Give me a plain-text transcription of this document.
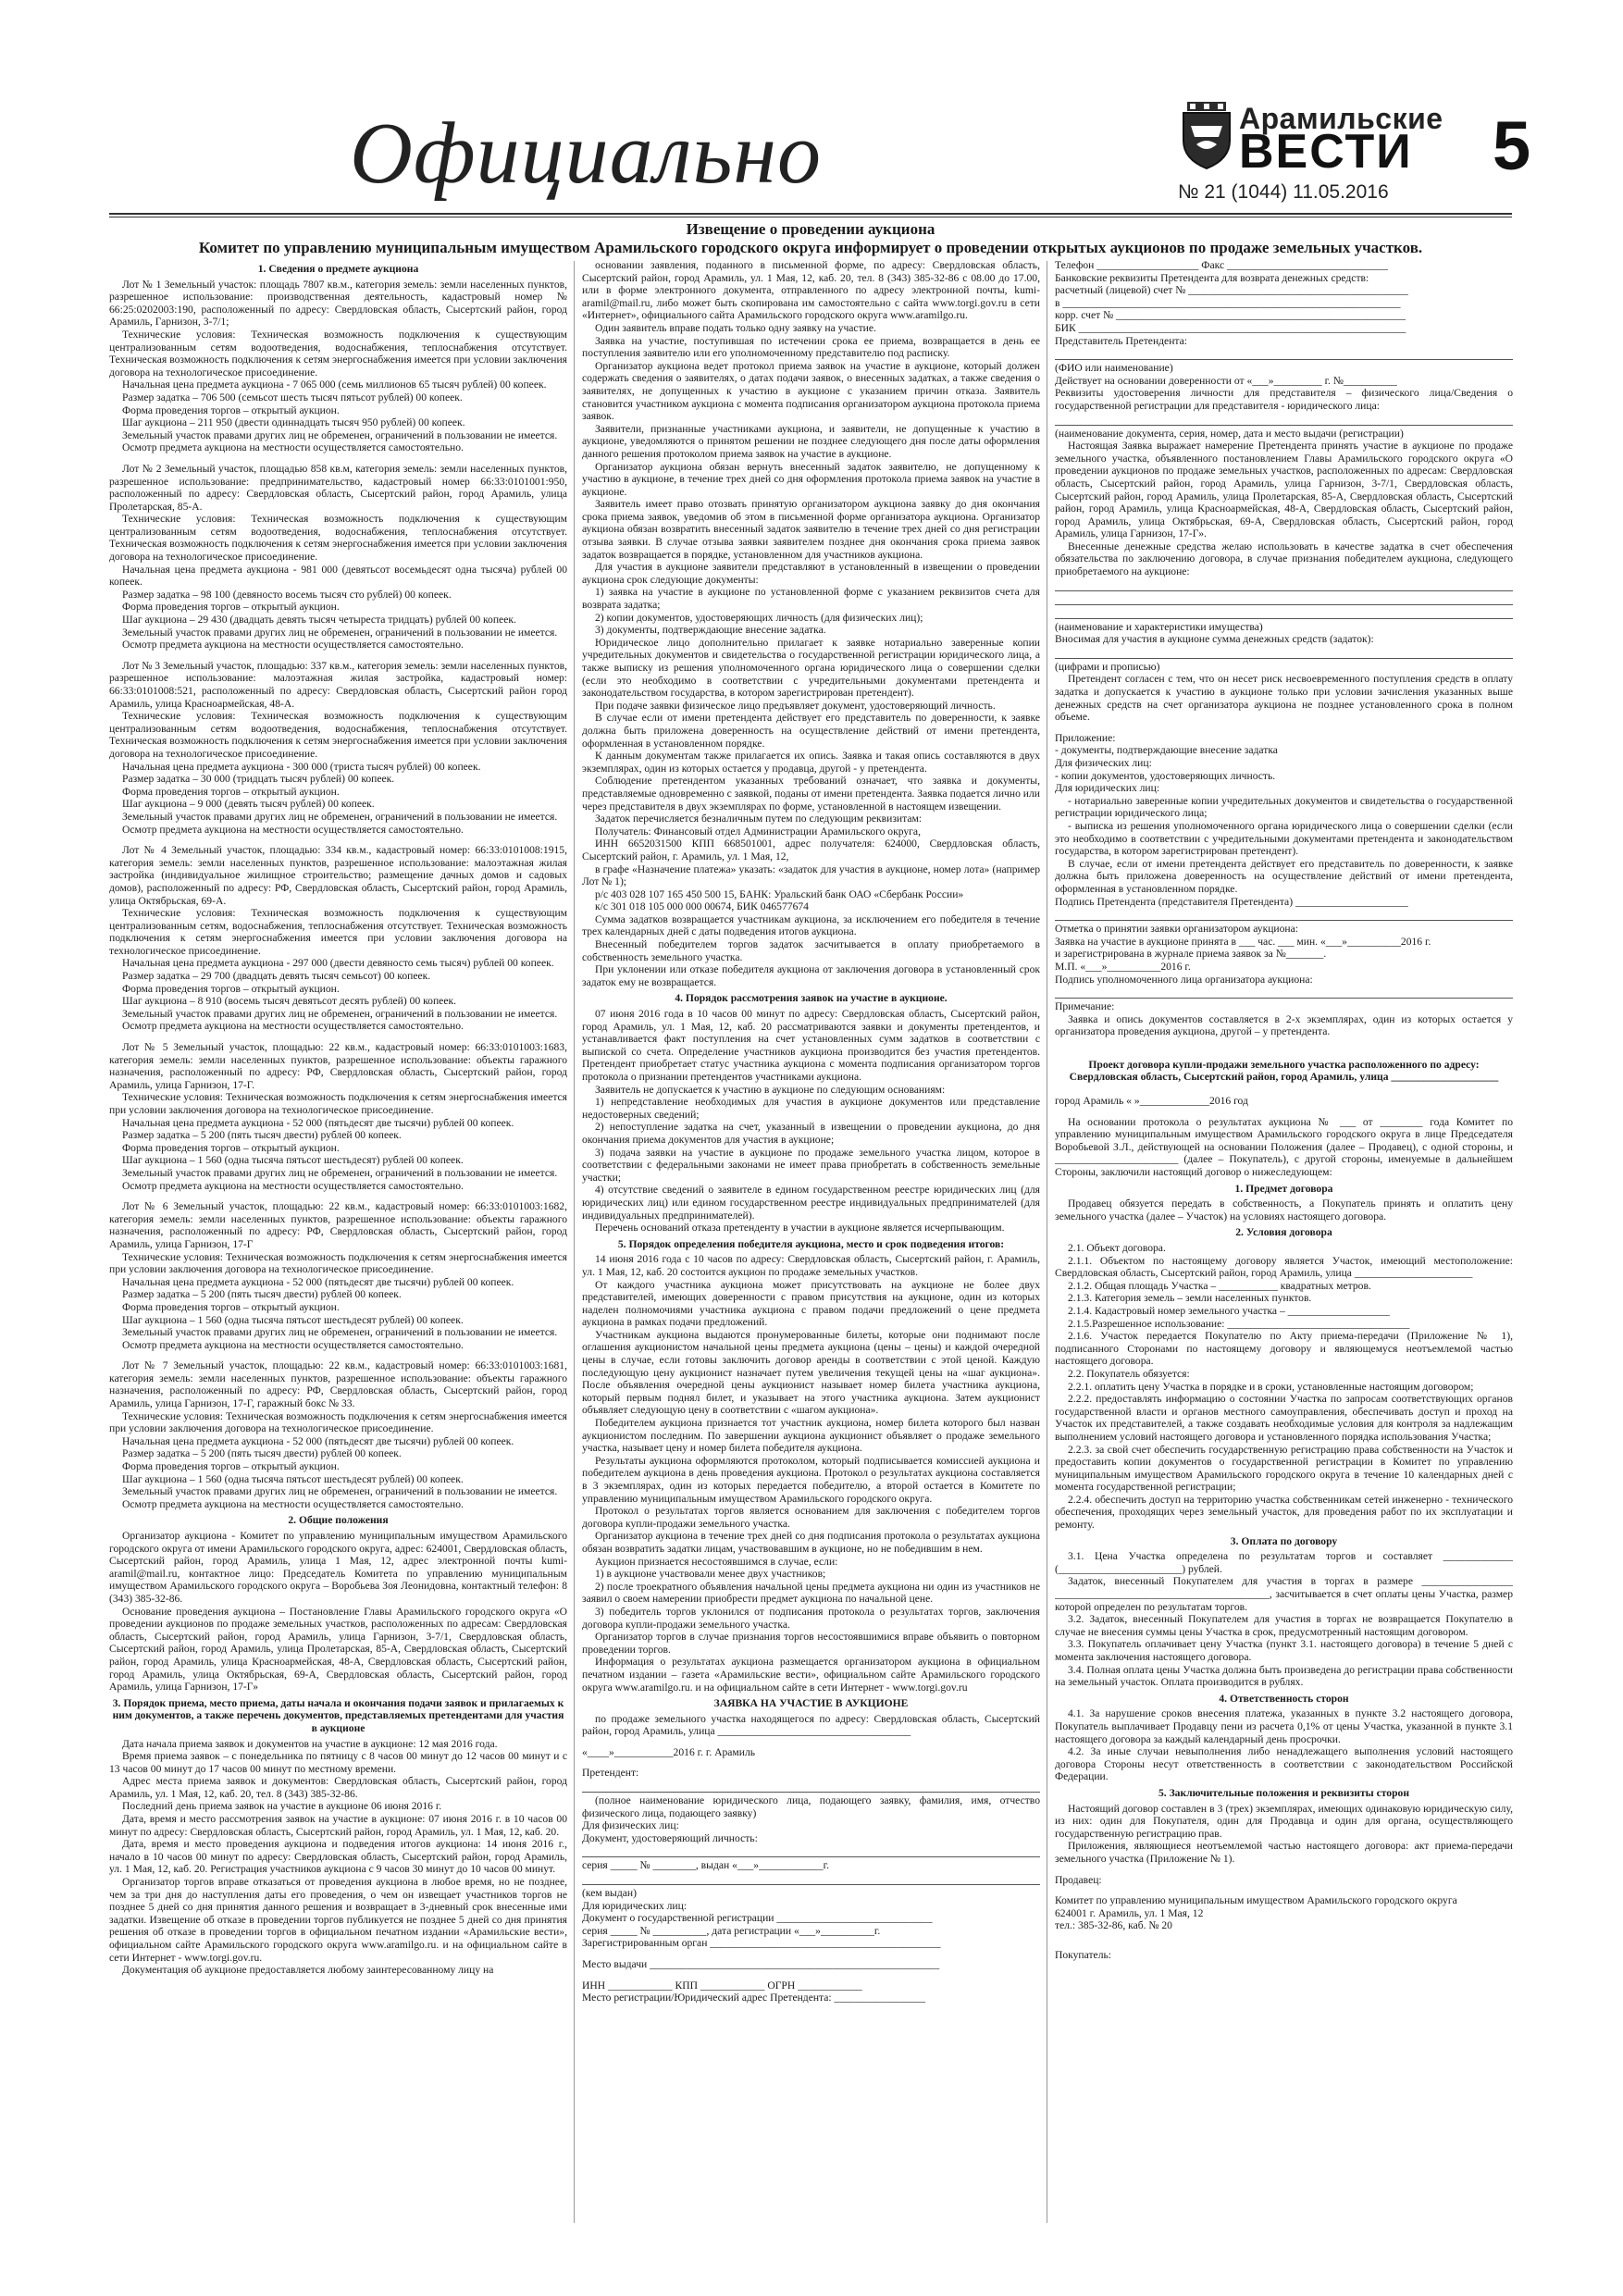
Официально	Арамильские
ВЕСТИ 5
№ 21 (1044) 11.05.2016
Извещение о проведении аукциона
Комитет по управлению муниципальным имуществом Арамильского городского округа информирует о проведении открытых аукционов по продаже земельных участков.
1. Сведения о предмете аукциона
Лот № 1 Земельный участок: площадь 7807 кв.м., категория земель: земли населенных пунктов, разрешенное использование: производственная деятельность, кадастровый номер № 66:25:0202003:190, расположенный по адресу: Свердловская область, Сысертский район, город Арамиль, Гарнизон, 3-7/1;
Технические условия: Техническая возможность подключения к существующим централизованным сетям водоотведения, водоснабжения, теплоснабжения отсутствует. Техническая возможность подключения к сетям энергоснабжения имеется при условии заключения договора на технологическое присоединение.
Начальная цена предмета аукциона - 7 065 000 (семь миллионов 65 тысяч рублей) 00 копеек.
Размер задатка – 706 500 (семьсот шесть тысяч пятьсот рублей) 00 копеек.
Форма проведения торгов – открытый аукцион.
Шаг аукциона – 211 950 (двести одиннадцать тысяч 950 рублей) 00 копеек.
Земельный участок правами других лиц не обременен, ограничений в пользовании не имеется.
Осмотр предмета аукциона на местности осуществляется самостоятельно.
Лот № 2 Земельный участок, площадью 858 кв.м, категория земель: земли населенных пунктов, разрешенное использование: предпринимательство, кадастровый номер 66:33:0101001:950, расположенный по адресу: Свердловская область, Сысертский район, город Арамиль, улица Пролетарская, 85-А.
Технические условия: Техническая возможность подключения к существующим централизованным сетям водоотведения, водоснабжения, теплоснабжения отсутствует. Техническая возможность подключения к сетям энергоснабжения имеется при условии заключения договора на технологическое присоединение.
Начальная цена предмета аукциона - 981 000 (девятьсот восемьдесят одна тысяча) рублей 00 копеек.
Размер задатка – 98 100 (девяносто восемь тысяч сто рублей) 00 копеек.
Форма проведения торгов – открытый аукцион.
Шаг аукциона – 29 430 (двадцать девять тысяч четыреста тридцать) рублей 00 копеек.
Земельный участок правами других лиц не обременен, ограничений в пользовании не имеется.
Осмотр предмета аукциона на местности осуществляется самостоятельно.
Лот № 3 Земельный участок, площадью: 337 кв.м., категория земель: земли населенных пунктов, разрешенное использование: малоэтажная жилая застройка, кадастровый номер: 66:33:0101008:521, расположенный по адресу: Свердловская область, Сысертский район город Арамиль, улица Красноармейская, 48-А.
Технические условия: Техническая возможность подключения к существующим централизованным сетям водоотведения, водоснабжения, теплоснабжения отсутствует. Техническая возможность подключения к сетям энергоснабжения имеется при условии заключения договора на технологическое присоединение.
Начальная цена предмета аукциона - 300 000 (триста тысяч рублей) 00 копеек.
Размер задатка – 30 000 (тридцать тысяч рублей) 00 копеек.
Форма проведения торгов – открытый аукцион.
Шаг аукциона – 9 000 (девять тысяч рублей) 00 копеек.
Земельный участок правами других лиц не обременен, ограничений в пользовании не имеется.
Осмотр предмета аукциона на местности осуществляется самостоятельно.
Лот № 4 Земельный участок, площадью: 334 кв.м., кадастровый номер: 66:33:0101008:1915, категория земель: земли населенных пунктов, разрешенное использование: малоэтажная жилая застройка (индивидуальное жилищное строительство; размещение дачных домов и садовых домов), расположенный по адресу: РФ, Свердловская область, Сысертский район, город Арамиль, улица Октябрьская, 69-А.
Технические условия: Техническая возможность подключения к существующим централизованным сетям, водоснабжения, теплоснабжения отсутствует. Техническая возможность подключения к сетям энергоснабжения имеется при условии заключения договора на технологическое присоединение.
Начальная цена предмета аукциона - 297 000 (двести девяносто семь тысяч) рублей 00 копеек.
Размер задатка – 29 700 (двадцать девять тысяч семьсот) 00 копеек.
Форма проведения торгов – открытый аукцион.
Шаг аукциона – 8 910 (восемь тысяч девятьсот десять рублей) 00 копеек.
Земельный участок правами других лиц не обременен, ограничений в пользовании не имеется.
Осмотр предмета аукциона на местности осуществляется самостоятельно.
Лот № 5 Земельный участок, площадью: 22 кв.м., кадастровый номер: 66:33:0101003:1683, категория земель: земли населенных пунктов, разрешенное использование: объекты гаражного назначения, расположенный по адресу: РФ, Свердловская область, Сысертский район, город Арамиль, улица Гарнизон, 17-Г.
Технические условия: Техническая возможность подключения к сетям энергоснабжения имеется при условии заключения договора на технологическое присоединение.
Начальная цена предмета аукциона - 52 000 (пятьдесят две тысячи) рублей 00 копеек.
Размер задатка – 5 200 (пять тысяч двести) рублей 00 копеек.
Форма проведения торгов – открытый аукцион.
Шаг аукциона – 1 560 (одна тысяча пятьсот шестьдесят) рублей 00 копеек.
Земельный участок правами других лиц не обременен, ограничений в пользовании не имеется.
Осмотр предмета аукциона на местности осуществляется самостоятельно.
Лот № 6 Земельный участок, площадью: 22 кв.м., кадастровый номер: 66:33:0101003:1682, категория земель: земли населенных пунктов, разрешенное использование: объекты гаражного назначения, расположенный по адресу: РФ, Свердловская область, Сысертский район, город Арамиль, улица Гарнизон, 17-Г
Технические условия: Техническая возможность подключения к сетям энергоснабжения имеется при условии заключения договора на технологическое присоединение.
Начальная цена предмета аукциона - 52 000 (пятьдесят две тысячи) рублей 00 копеек.
Размер задатка – 5 200 (пять тысяч двести) рублей 00 копеек.
Форма проведения торгов – открытый аукцион.
Шаг аукциона – 1 560 (одна тысяча пятьсот шестьдесят рублей) 00 копеек.
Земельный участок правами других лиц не обременен, ограничений в пользовании не имеется.
Осмотр предмета аукциона на местности осуществляется самостоятельно.
Лот № 7 Земельный участок, площадью: 22 кв.м., кадастровый номер: 66:33:0101003:1681, категория земель: земли населенных пунктов, разрешенное использование: объекты гаражного назначения, расположенный по адресу: РФ, Свердловская область, Сысертский район, город Арамиль, улица Гарнизон, 17-Г, гаражный бокс № 33.
Технические условия: Техническая возможность подключения к сетям энергоснабжения имеется при условии заключения договора на технологическое присоединение.
Начальная цена предмета аукциона - 52 000 (пятьдесят две тысячи) рублей 00 копеек.
Размер задатка – 5 200 (пять тысяч двести) рублей 00 копеек.
Форма проведения торгов – открытый аукцион.
Шаг аукциона – 1 560 (одна тысяча пятьсот шестьдесят рублей) 00 копеек.
Земельный участок правами других лиц не обременен, ограничений в пользовании не имеется.
Осмотр предмета аукциона на местности осуществляется самостоятельно.
2. Общие положения
Организатор аукциона - Комитет по управлению муниципальным имуществом Арамильского городского округа от имени Арамильского городского округа, адрес: 624001, Свердловская область, Сысертский район, город Арамиль, улица 1 Мая, 12, адрес электронной почты kumi-aramil@mail.ru, контактное лицо: Председатель Комитета по управлению муниципальным имуществом Арамильского городского округа – Воробьева Зоя Леонидовна, контактный телефон: 8 (343) 385-32-86.
Основание проведения аукциона – Постановление Главы Арамильского городского округа «О проведении аукционов по продаже земельных участков, расположенных по адресам: Свердловская область, Сысертский район, город Арамиль, улица Гарнизон, 3-7/1, Свердловская область, Сысертский район, город Арамиль, улица Пролетарская, 85-А, Свердловская область, Сысертский район, город Арамиль, улица Красноармейская, 48-А, Свердловская область, Сысертский район, город Арамиль, улица Октябрьская, 69-А, Свердловская область, Сысертский район, город Арамиль, улица Гарнизон, 17-Г»
3. Порядок приема, место приема, даты начала и окончания подачи заявок и прилагаемых к ним документов, а также перечень документов, представляемых претендентами для участия в аукционе
Дата начала приема заявок и документов на участие в аукционе: 12 мая 2016 года.
Время приема заявок – с понедельника по пятницу с 8 часов 00 минут до 12 часов 00 минут и с 13 часов 00 минут до 17 часов 00 минут по местному времени.
Адрес места приема заявок и документов: Свердловская область, Сысертский район, город Арамиль, ул. 1 Мая, 12, каб. 20, тел. 8 (343) 385-32-86.
Последний день приема заявок на участие в аукционе 06 июня 2016 г.
Дата, время и место рассмотрения заявок на участие в аукционе: 07 июня 2016 г. в 10 часов 00 минут по адресу: Свердловская область, Сысертский район, город Арамиль, ул. 1 Мая, 12, каб. 20.
Дата, время и место проведения аукциона и подведения итогов аукциона: 14 июня 2016 г., начало в 10 часов 00 минут по адресу: Свердловская область, Сысертский район, город Арамиль, ул. 1 Мая, 12, каб. 20. Регистрация участников аукциона с 9 часов 30 минут до 10 часов 00 минут.
Организатор торгов вправе отказаться от проведения аукциона в любое время, но не позднее, чем за три дня до наступления даты его проведения, о чем он извещает участников торгов не позднее 5 дней со дня принятия данного решения и возвращает в 3-дневный срок внесенные ими задатки. Извещение об отказе в проведении торгов публикуется не позднее 5 дней со дня принятия решения об отказе в проведении торгов в официальном печатном издании «Арамильские вести», официальном сайте Арамильского городского округа www.aramilgo.ru. и на официальном сайте в сети Интернет - www.torgi.gov.ru.
Документация об аукционе предоставляется любому заинтересованному лицу на
основании заявления, поданного в письменной форме, по адресу: Свердловская область, Сысертский район, город Арамиль, ул. 1 Мая, 12, каб. 20, тел. 8 (343) 385-32-86 с 08.00 до 17.00, или в форме электронного документа, отправленного по адресу электронной почты, kumi-aramil@mail.ru, либо может быть скопирована им самостоятельно с сайта www.torgi.gov.ru в сети «Интернет», официального сайта Арамильского городского округа www.aramilgo.ru.
Один заявитель вправе подать только одну заявку на участие.
Заявка на участие, поступившая по истечении срока ее приема, возвращается в день ее поступления заявителю или его уполномоченному представителю под расписку.
Организатор аукциона ведет протокол приема заявок на участие в аукционе, который должен содержать сведения о заявителях, о датах подачи заявок, о внесенных задатках, а также сведения о заявителях, не допущенных к участию в аукционе с указанием причин отказа. Заявитель становится участником аукциона с момента подписания организатором аукциона протокола приема заявок.
Заявители, признанные участниками аукциона, и заявители, не допущенные к участию в аукционе, уведомляются о принятом решении не позднее следующего дня после даты оформления данного решения протоколом приема заявок на участие в аукционе.
Организатор аукциона обязан вернуть внесенный задаток заявителю, не допущенному к участию в аукционе, в течение трех дней со дня оформления протокола приема заявок на участие в аукционе.
Заявитель имеет право отозвать принятую организатором аукциона заявку до дня окончания срока приема заявок, уведомив об этом в письменной форме организатора аукциона. Организатор аукциона обязан возвратить внесенный задаток заявителю в течение трех дней со дня регистрации отзыва заявки. В случае отзыва заявки заявителем позднее дня окончания срока приема заявок задаток возвращается в порядке, установленном для участников аукциона.
Для участия в аукционе заявители представляют в установленный в извещении о проведении аукциона срок следующие документы:
1) заявка на участие в аукционе по установленной форме с указанием реквизитов счета для возврата задатка;
2) копии документов, удостоверяющих личность (для физических лиц);
3) документы, подтверждающие внесение задатка.
Юридическое лицо дополнительно прилагает к заявке нотариально заверенные копии учредительных документов и свидетельства о государственной регистрации юридического лица, а также выписку из решения уполномоченного органа юридического лица о совершении сделки (если это необходимо в соответствии с учредительными документами претендента и законодательством государства, в котором зарегистрирован претендент).
При подаче заявки физическое лицо предъявляет документ, удостоверяющий личность.
В случае если от имени претендента действует его представитель по доверенности, к заявке должна быть приложена доверенность на осуществление действий от имени претендента, оформленная в установленном порядке.
К данным документам также прилагается их опись. Заявка и такая опись составляются в двух экземплярах, один из которых остается у продавца, другой - у претендента.
Соблюдение претендентом указанных требований означает, что заявка и документы, представляемые одновременно с заявкой, поданы от имени претендента. Заявка подается лично или через представителя в двух экземплярах по форме, установленной в настоящем извещении.
Задаток перечисляется безналичным путем по следующим реквизитам:
Получатель: Финансовый отдел Администрации Арамильского округа,
ИНН 6652031500 КПП 668501001, адрес получателя: 624000, Свердловская область, Сысертский район, г. Арамиль, ул. 1 Мая, 12,
в графе «Назначение платежа» указать: «задаток для участия в аукционе, номер лота» (например Лот № 1);
р/с 403 028 107 165 450 500 15, БАНК: Уральский банк ОАО «Сбербанк России»
к/с 301 018 105 000 000 00674, БИК 046577674
Сумма задатков возвращается участникам аукциона, за исключением его победителя в течение трех календарных дней с даты подведения итогов аукциона.
Внесенный победителем торгов задаток засчитывается в оплату приобретаемого в собственность земельного участка.
При уклонении или отказе победителя аукциона от заключения договора в установленный срок задаток ему не возвращается.
4. Порядок рассмотрения заявок на участие в аукционе.
07 июня 2016 года в 10 часов 00 минут по адресу: Свердловская область, Сысертский район, город Арамиль, ул. 1 Мая, 12, каб. 20 рассматриваются заявки и документы претендентов, и устанавливается факт поступления на счет установленных сумм задатков в соответствии с выпиской со счета. Определение участников аукциона производится без участия претендентов. Претендент приобретает статус участника аукциона с момента подписания организатором торгов протокола о признании претендентов участниками аукциона.
Заявитель не допускается к участию в аукционе по следующим основаниям:
1) непредставление необходимых для участия в аукционе документов или представление недостоверных сведений;
2) непоступление задатка на счет, указанный в извещении о проведении аукциона, до дня окончания приема документов для участия в аукционе;
3) подача заявки на участие в аукционе по продаже земельного участка лицом, которое в соответствии с федеральными законами не имеет права приобретать в собственность земельные участки;
4) отсутствие сведений о заявителе в едином государственном реестре юридических лиц (для юридических лиц) или едином государственном реестре индивидуальных предпринимателей (для индивидуальных предпринимателей).
Перечень оснований отказа претенденту в участии в аукционе является исчерпывающим.
5. Порядок определения победителя аукциона, место и срок подведения итогов:
14 июня 2016 года с 10 часов по адресу: Свердловская область, Сысертский район, г. Арамиль, ул. 1 Мая, 12, каб. 20 состоится аукцион по продаже земельных участков.
От каждого участника аукциона может присутствовать на аукционе не более двух представителей, имеющих доверенности с правом присутствия на аукционе, один из которых наделен полномочиями участника аукциона с правом подачи предложений о цене предмета аукциона в рамках подачи предложений.
Участникам аукциона выдаются пронумерованные билеты, которые они поднимают после оглашения аукционистом начальной цены предмета аукциона (цены – цены) и каждой очередной цены в случае, если готовы заключить договор аренды в соответствии с этой ценой. Каждую последующую цену аукционист назначает путем увеличения текущей цены на «шаг аукциона». После объявления очередной цены аукционист называет номер билета участника аукциона, который первым поднял билет, и указывает на этого участника аукциона. Затем аукционист объявляет следующую цену в соответствии с «шагом аукциона».
Победителем аукциона признается тот участник аукциона, номер билета которого был назван аукционистом последним. По завершении аукциона аукционист объявляет о продаже земельного участка, называет цену и номер билета победителя аукциона.
Результаты аукциона оформляются протоколом, который подписывается комиссией аукциона и победителем аукциона в день проведения аукциона. Протокол о результатах аукциона составляется в 3 экземплярах, один из которых передается победителю, а второй остается в Комитете по управлению муниципальным имуществом Арамильского городского округа.
Протокол о результатах торгов является основанием для заключения с победителем торгов договора купли-продажи земельного участка.
Организатор аукциона в течение трех дней со дня подписания протокола о результатах аукциона обязан возвратить задатки лицам, участвовавшим в аукционе, но не победившим в нем.
Аукцион признается несостоявшимся в случае, если:
1) в аукционе участвовали менее двух участников;
2) после троекратного объявления начальной цены предмета аукциона ни один из участников не заявил о своем намерении приобрести предмет аукциона по начальной цене.
3) победитель торгов уклонился от подписания протокола о результатах торгов, заключения договора купли-продажи земельного участка.
Организатор торгов в случае признания торгов несостоявшимися вправе объявить о повторном проведении торгов.
Информация о результатах аукциона размещается организатором аукциона в официальном печатном издании – газета «Арамильские вести», официальном сайте Арамильского городского округа www.aramilgo.ru. и на официальном сайте в сети Интернет - www.torgi.gov.ru
ЗАЯВКА НА УЧАСТИЕ В АУКЦИОНЕ
по продаже земельного участка находящегося по адресу: Свердловская область, Сысертский район, город Арамиль, улица ____________________________________
«____»___________2016 г. г. Арамиль
Претендент:
(полное наименование юридического лица, подающего заявку, фамилия, имя, отчество физического лица, подающего заявку)
Для физических лиц:
Документ, удостоверяющий личность:
серия _____ № ________, выдан «___»____________г.
(кем выдан)
Для юридических лиц:
Документ о государственной регистрации _____________________________
серия _____ № __________, дата регистрации «___»__________г.
Зарегистрированным орган ___________________________________________
Место выдачи ______________________________________________________
ИНН ____________ КПП ____________ ОГРН ____________
Место регистрации/Юридический адрес Претендента: _________________
Телефон ___________________ Факс ______________________________
Банковские реквизиты Претендента для возврата денежных средств:
расчетный (лицевой) счет № _________________________________________
в _______________________________________________________________
корр. счет № ______________________________________________________
БИК _____________________________________________________________
Представитель Претендента:
(ФИО или наименование)
Действует на основании доверенности от «___»_________ г. №__________
Реквизиты удостоверения личности для представителя – физического лица/Сведения о государственной регистрации для представителя - юридического лица:
(наименование документа, серия, номер, дата и место выдачи (регистрации)
Настоящая Заявка выражает намерение Претендента принять участие в аукционе по продаже земельного участка, объявленного постановлением Главы Арамильского городского округа «О проведении аукционов по продаже земельных участков, расположенных по адресам: Свердловская область, Сысертский район, город Арамиль, улица Гарнизон, 3-7/1, Свердловская область, Сысертский район, город Арамиль, улица Пролетарская, 85-А, Свердловская область, Сысертский район, город Арамиль, улица Красноармейская, 48-А, Свердловская область, Сысертский район, город Арамиль, улица Октябрьская, 69-А, Свердловская область, Сысертский район, город Арамиль, улица Гарнизон, 17-Г».
Внесенные денежные средства желаю использовать в качестве задатка в счет обеспечения обязательства по заключению договора, в случае признания победителем аукциона, следующего приобретаемого на аукционе:
(наименование и характеристики имущества)
Вносимая для участия в аукционе сумма денежных средств (задаток):
(цифрами и прописью)
Претендент согласен с тем, что он несет риск несвоевременного поступления средств в оплату задатка и допускается к участию в аукционе только при условии зачисления указанных выше денежных средств на счет организатора аукциона не позднее установленного срока в полном объеме.
Приложение:
- документы, подтверждающие внесение задатка
Для физических лиц:
- копии документов, удостоверяющих личность.
Для юридических лиц:
- нотариально заверенные копии учредительных документов и свидетельства о государственной регистрации юридического лица;
- выписка из решения уполномоченного органа юридического лица о совершении сделки (если это необходимо в соответствии с учредительными документами претендента и законодательством государства, в котором зарегистрирован претендент).
В случае, если от имени претендента действует его представитель по доверенности, к заявке должна быть приложена доверенность на осуществление действий от имени претендента, оформленная в установленном порядке.
Подпись Претендента (представителя Претендента) _____________________
Отметка о принятии заявки организатором аукциона:
Заявка на участие в аукционе принята в ___ час. ___ мин. «___»__________2016 г.
и зарегистрирована в журнале приема заявок за №_______.
М.П. «___»__________2016 г.
Подпись уполномоченного лица организатора аукциона:
Примечание:
Заявка и опись документов составляется в 2-х экземплярах, один из которых остается у организатора проведения аукциона, другой – у претендента.
Проект договора купли-продажи земельного участка расположенного по адресу: Свердловская область, Сысертский район, город Арамиль, улица ____________________
город Арамиль « »_____________2016 год
На основании протокола о результатах аукциона № ___ от ________ года Комитет по управлению муниципальным имуществом Арамильского городского округа в лице Председателя Воробьевой З.Л., действующей на основании Положения (далее – Продавец), с одной стороны, и _______________________ (далее – Покупатель), с другой стороны, именуемые в дальнейшем Стороны, заключили настоящий договор о нижеследующем:
1. Предмет договора
Продавец обязуется передать в собственность, а Покупатель принять и оплатить цену земельного участка (далее – Участок) на условиях настоящего договора.
2. Условия договора
2.1. Объект договора.
2.1.1. Объектом по настоящему договору является Участок, имеющий местоположение: Свердловская область, Сысертский район, город Арамиль, улица ______________________
2.1.2. Общая площадь Участка – ___________ квадратных метров.
2.1.3. Категория земель – земли населенных пунктов.
2.1.4. Кадастровый номер земельного участка – ___________________
2.1.5.Разрешенное использование: __________________________________
2.1.6. Участок передается Покупателю по Акту приема-передачи (Приложение № 1), подписанного Сторонами по настоящему договору и являющемуся неотъемлемой частью настоящего договора.
2.2. Покупатель обязуется:
2.2.1. оплатить цену Участка в порядке и в сроки, установленные настоящим договором;
2.2.2. предоставлять информацию о состоянии Участка по запросам соответствующих органов государственной власти и органов местного самоуправления, обеспечивать доступ и проход на Участок их представителей, а также создавать необходимые условия для контроля за надлежащим выполнением условий настоящего договора и установленного порядка использования Участка;
2.2.3. за свой счет обеспечить государственную регистрацию права собственности на Участок и предоставить копии документов о государственной регистрации в Комитет по управлению муниципальным имуществом Арамильского городского округа в течение 10 календарных дней с момента государственной регистрации;
2.2.4. обеспечить доступ на территорию участка собственникам сетей инженерно - технического обеспечения, проходящих через земельный участок, для проведения работ по их эксплуатации и ремонту.
3. Оплата по договору
3.1. Цена Участка определена по результатам торгов и составляет _____________ (_______________________) рублей.
Задаток, внесенный Покупателем для участия в торгах в размере _________________ ________________________________________, засчитывается в счет оплаты цены Участка, размер которой определен по результатам торгов.
3.2. Задаток, внесенный Покупателем для участия в торгах не возвращается Покупателю в случае не внесения суммы цены Участка в срок, предусмотренный настоящим договором.
3.3. Покупатель оплачивает цену Участка (пункт 3.1. настоящего договора) в течение 5 дней с момента заключения настоящего договора.
3.4. Полная оплата цены Участка должна быть произведена до регистрации права собственности на земельный участок. Оплата производится в рублях.
4. Ответственность сторон
4.1. За нарушение сроков внесения платежа, указанных в пункте 3.2 настоящего договора, Покупатель выплачивает Продавцу пени из расчета 0,1% от цены Участка, указанной в пункте 3.1 настоящего договора за каждый календарный день просрочки.
4.2. За иные случаи невыполнения либо ненадлежащего выполнения условий настоящего договора Стороны несут ответственность в соответствии с законодательством Российской Федерации.
5. Заключительные положения и реквизиты сторон
Настоящий договор составлен в 3 (трех) экземплярах, имеющих одинаковую юридическую силу, из них: один для Покупателя, один для Продавца и один для органа, осуществляющего государственную регистрацию прав.
Приложения, являющиеся неотъемлемой частью настоящего договора: акт приема-передачи земельного участка (Приложение № 1).
Продавец:
Комитет по управлению муниципальным имуществом Арамильского городского округа
624001 г. Арамиль, ул. 1 Мая, 12
тел.: 385-32-86, каб. № 20
Покупатель:
